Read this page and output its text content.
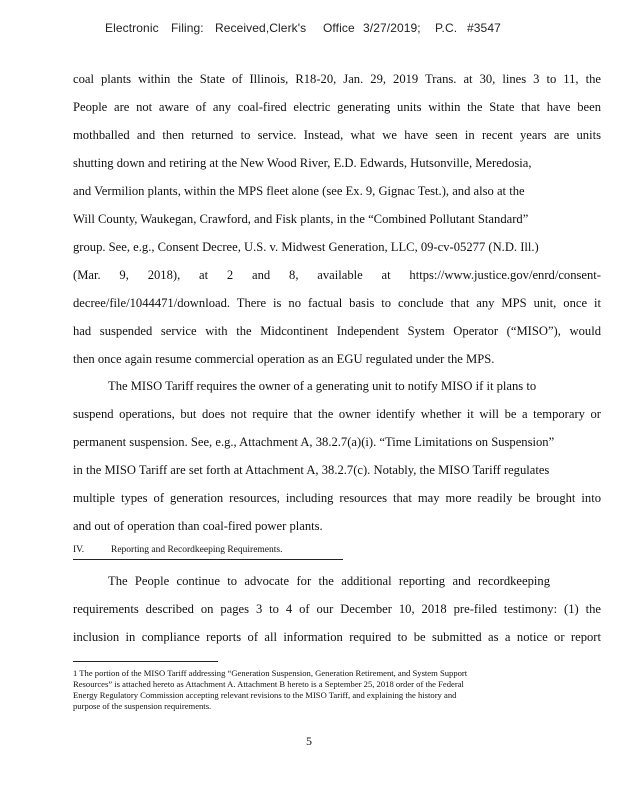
Electronic Filing: Received,Clerk's Office 3/27/2019; P.C. #3547
coal plants within the State of Illinois, R18-20, Jan. 29, 2019 Trans. at 30, lines 3 to 11, the
People are not aware of any coal-fired electric generating units within the State that have been
mothballed and then returned to service. Instead, what we have seen in recent years are units
shutting down and retiring at the New Wood River, E.D. Edwards, Hutsonville, Meredosia,
and Vermilion plants, within the MPS fleet alone (see Ex. 9, Gignac Test.), and also at the
Will County, Waukegan, Crawford, and Fisk plants, in the “Combined Pollutant Standard”
group. See, e.g., Consent Decree, U.S. v. Midwest Generation, LLC, 09-cv-05277 (N.D. Ill.)
(Mar. 9, 2018), at 2 and 8, available at https://www.justice.gov/enrd/consent-
decree/file/1044471/download. There is no factual basis to conclude that any MPS unit, once it
had suspended service with the Midcontinent Independent System Operator (“MISO”), would
then once again resume commercial operation as an EGU regulated under the MPS.
The MISO Tariff requires the owner of a generating unit to notify MISO if it plans to
suspend operations, but does not require that the owner identify whether it will be a temporary or
permanent suspension. See, e.g., Attachment A, 38.2.7(a)(i). “Time Limitations on Suspension”
in the MISO Tariff are set forth at Attachment A, 38.2.7(c). Notably, the MISO Tariff regulates
multiple types of generation resources, including resources that may more readily be brought into
and out of operation than coal-fired power plants.
IV.	Reporting and Recordkeeping Requirements.
The People continue to advocate for the additional reporting and recordkeeping
requirements described on pages 3 to 4 of our December 10, 2018 pre-filed testimony: (1) the
inclusion in compliance reports of all information required to be submitted as a notice or report
1 The portion of the MISO Tariff addressing “Generation Suspension, Generation Retirement, and System Support
Resources” is attached hereto as Attachment A. Attachment B hereto is a September 25, 2018 order of the Federal
Energy Regulatory Commission accepting relevant revisions to the MISO Tariff, and explaining the history and
purpose of the suspension requirements.
5
